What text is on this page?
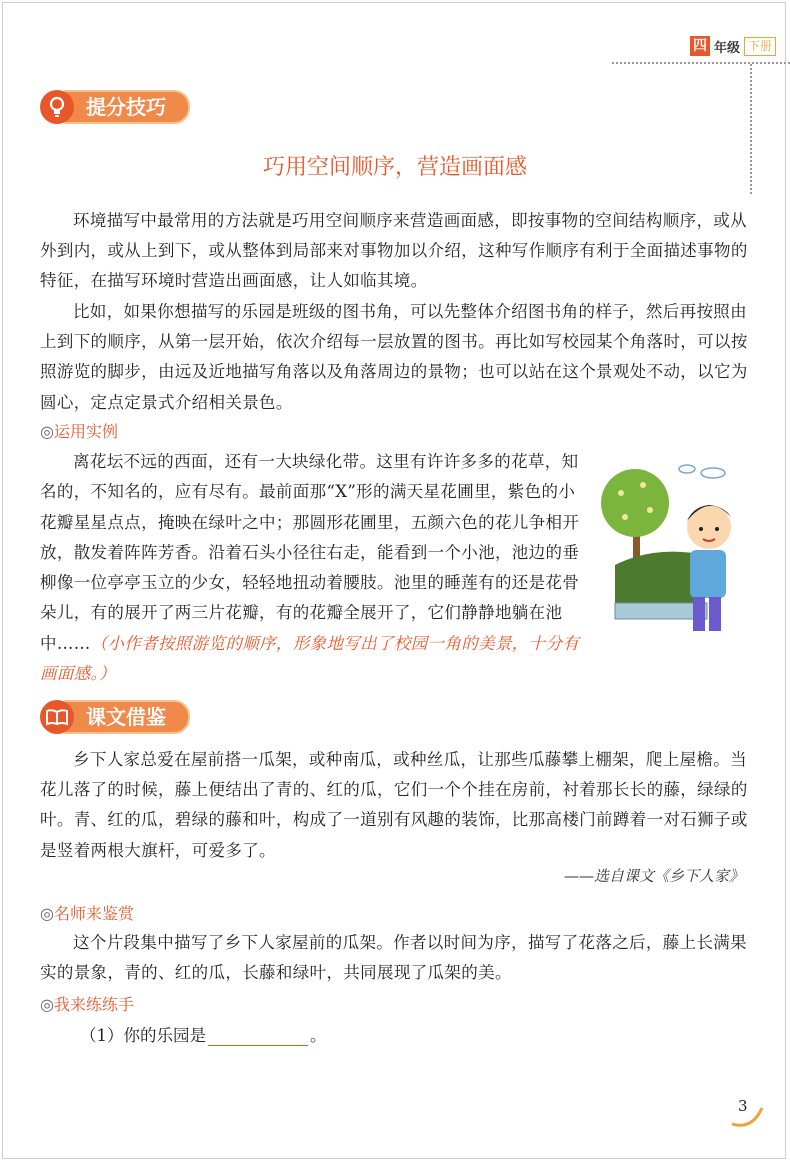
四 年级 下册
提分技巧
巧用空间顺序，营造画面感

环境描写中最常用的方法就是巧用空间顺序来营造画面感，即按事物的空间结构顺序，或从外到内，或从上到下，或从整体到局部来对事物加以介绍，这种写作顺序有利于全面描述事物的特征，在描写环境时营造出画面感，让人如临其境。

比如，如果你想描写的乐园是班级的图书角，可以先整体介绍图书角的样子，然后再按照由上到下的顺序，从第一层开始，依次介绍每一层放置的图书。再比如写校园某个角落时，可以按照游览的脚步，由远及近地描写角落以及角落周边的景物；也可以站在这个景观处不动，以它为圆心，定点定景式介绍相关景色。

◎运用实例

离花坛不远的西面，还有一大块绿化带。这里有许许多多的花草，知名的，不知名的，应有尽有。最前面那“X”形的满天星花圃里，紫色的小花瓣星星点点，掩映在绿叶之中；那圆形花圃里，五颜六色的花儿争相开放，散发着阵阵芳香。沿着石头小径往右走，能看到一个小池，池边的垂柳像一位亭亭玉立的少女，轻轻地扭动着腰肢。池里的睡莲有的还是花骨朵儿，有的展开了两三片花瓣，有的花瓣全展开了，它们静静地躺在池中……（小作者按照游览的顺序，形象地写出了校园一角的美景，十分有画面感。）

课文借鉴

乡下人家总爱在屋前搭一瓜架，或种南瓜，或种丝瓜，让那些瓜藤攀上棚架，爬上屋檐。当花儿落了的时候，藤上便结出了青的、红的瓜，它们一个个挂在房前，衬着那长长的藤，绿绿的叶。青、红的瓜，碧绿的藤和叶，构成了一道别有风趣的装饰，比那高楼门前蹲着一对石狮子或是竖着两根大旗杆，可爱多了。

——选自课文《乡下人家》
◎名师来鉴赏

这个片段集中描写了乡下人家屋前的瓜架。作者以时间为序，描写了花落之后，藤上长满果实的景象，青的、红的瓜，长藤和绿叶，共同展现了瓜架的美。

◎我来练练手
（1）你的乐园是	。
3
